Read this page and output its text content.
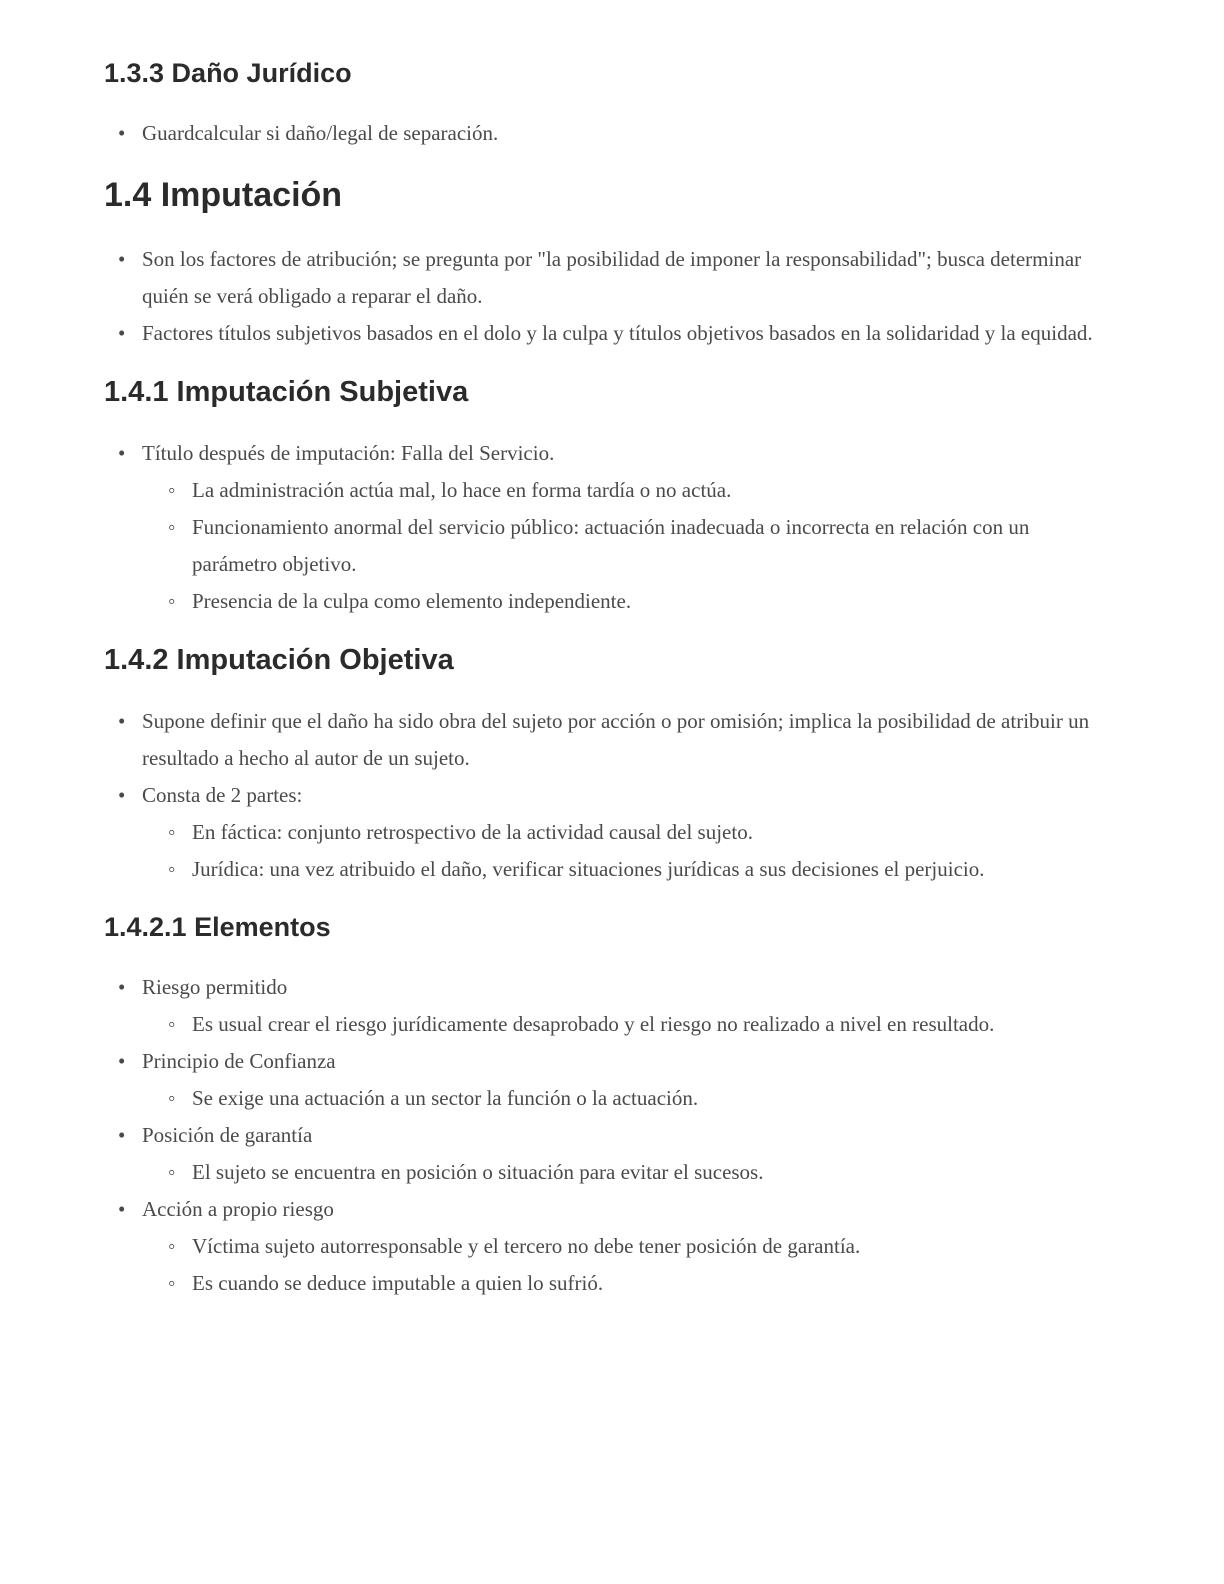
1.3.3 Daño Jurídico
• Guardcalcular si daño/legal de separación.
1.4 Imputación
• Son los factores de atribución; se pregunta por "la posibilidad de imponer la responsabilidad"; busca determinar quién se verá obligado a reparar el daño.
• Factores títulos subjetivos basados en el dolo y la culpa y títulos objetivos basados en la solidaridad y la equidad.
1.4.1 Imputación Subjetiva
• Título después de imputación: Falla del Servicio.
◦ La administración actúa mal, lo hace en forma tardía o no actúa.
◦ Funcionamiento anormal del servicio público: actuación inadecuada o incorrecta en relación con un parámetro objetivo.
◦ Presencia de la culpa como elemento independiente.
1.4.2 Imputación Objetiva
• Supone definir que el daño ha sido obra del sujeto por acción o por omisión; implica la posibilidad de atribuir un resultado a hecho al autor de un sujeto.
• Consta de 2 partes:
◦ En fáctica: conjunto retrospectivo de la actividad causal del sujeto.
◦ Jurídica: una vez atribuido el daño, verificar situaciones jurídicas a sus decisiones el perjuicio.
1.4.2.1 Elementos
• Riesgo permitido
◦ Es usual crear el riesgo jurídicamente desaprobado y el riesgo no realizado a nivel en resultado.
• Principio de Confianza
◦ Se exige una actuación a un sector la función o la actuación.
• Posición de garantía
◦ El sujeto se encuentra en posición o situación para evitar el sucesos.
• Acción a propio riesgo
◦ Víctima sujeto autorresponsable y el tercero no debe tener posición de garantía.
◦ Es cuando se deduce imputable a quien lo sufrió.
